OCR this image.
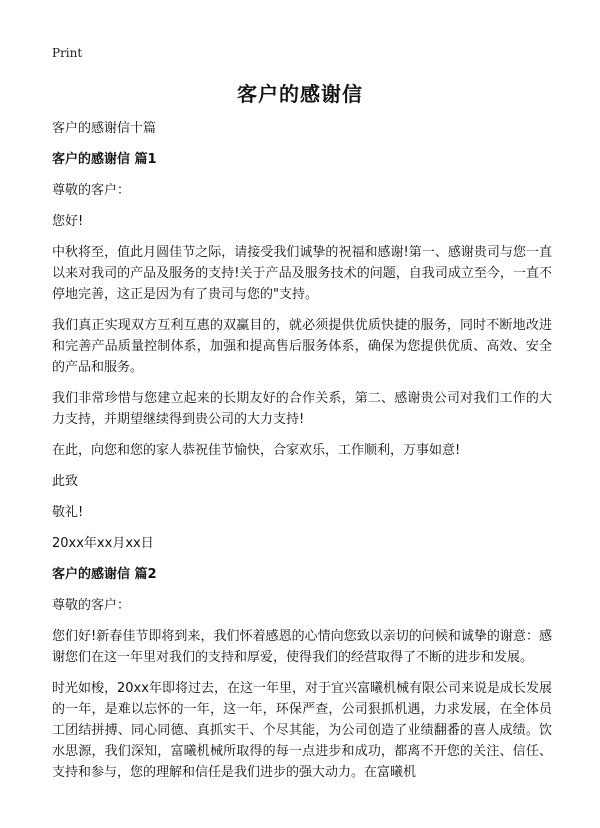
Print
客户的感谢信

客户的感谢信十篇

客户的感谢信 篇1

尊敬的客户：

您好!

中秋将至，值此月圆佳节之际，请接受我们诚挚的祝福和感谢!第一、感谢贵司与您一直以来对我司的产品及服务的支持!关于产品及服务技术的问题，自我司成立至今，一直不停地完善，这正是因为有了贵司与您的"支持。

我们真正实现双方互利互惠的双赢目的，就必须提供优质快捷的服务，同时不断地改进和完善产品质量控制体系，加强和提高售后服务体系，确保为您提供优质、高效、安全的产品和服务。

我们非常珍惜与您建立起来的长期友好的合作关系，第二、感谢贵公司对我们工作的大力支持，并期望继续得到贵公司的大力支持!

在此，向您和您的家人恭祝佳节愉快，合家欢乐，工作顺利，万事如意!

此致

敬礼!

20xx年xx月xx日

客户的感谢信 篇2

尊敬的客户：

您们好!新春佳节即将到来，我们怀着感恩的心情向您致以亲切的问候和诚挚的谢意：感谢您们在这一年里对我们的支持和厚爱，使得我们的经营取得了不断的进步和发展。

时光如梭，20xx年即将过去，在这一年里，对于宜兴富曦机械有限公司来说是成长发展的一年，是难以忘怀的一年，这一年，环保严查，公司狠抓机遇，力求发展，在全体员工团结拼搏、同心同德、真抓实干、个尽其能，为公司创造了业绩翻番的喜人成绩。饮水思源，我们深知，富曦机械所取得的每一点进步和成功，都离不开您的关注、信任、支持和参与，您的理解和信任是我们进步的强大动力。在富曦机
